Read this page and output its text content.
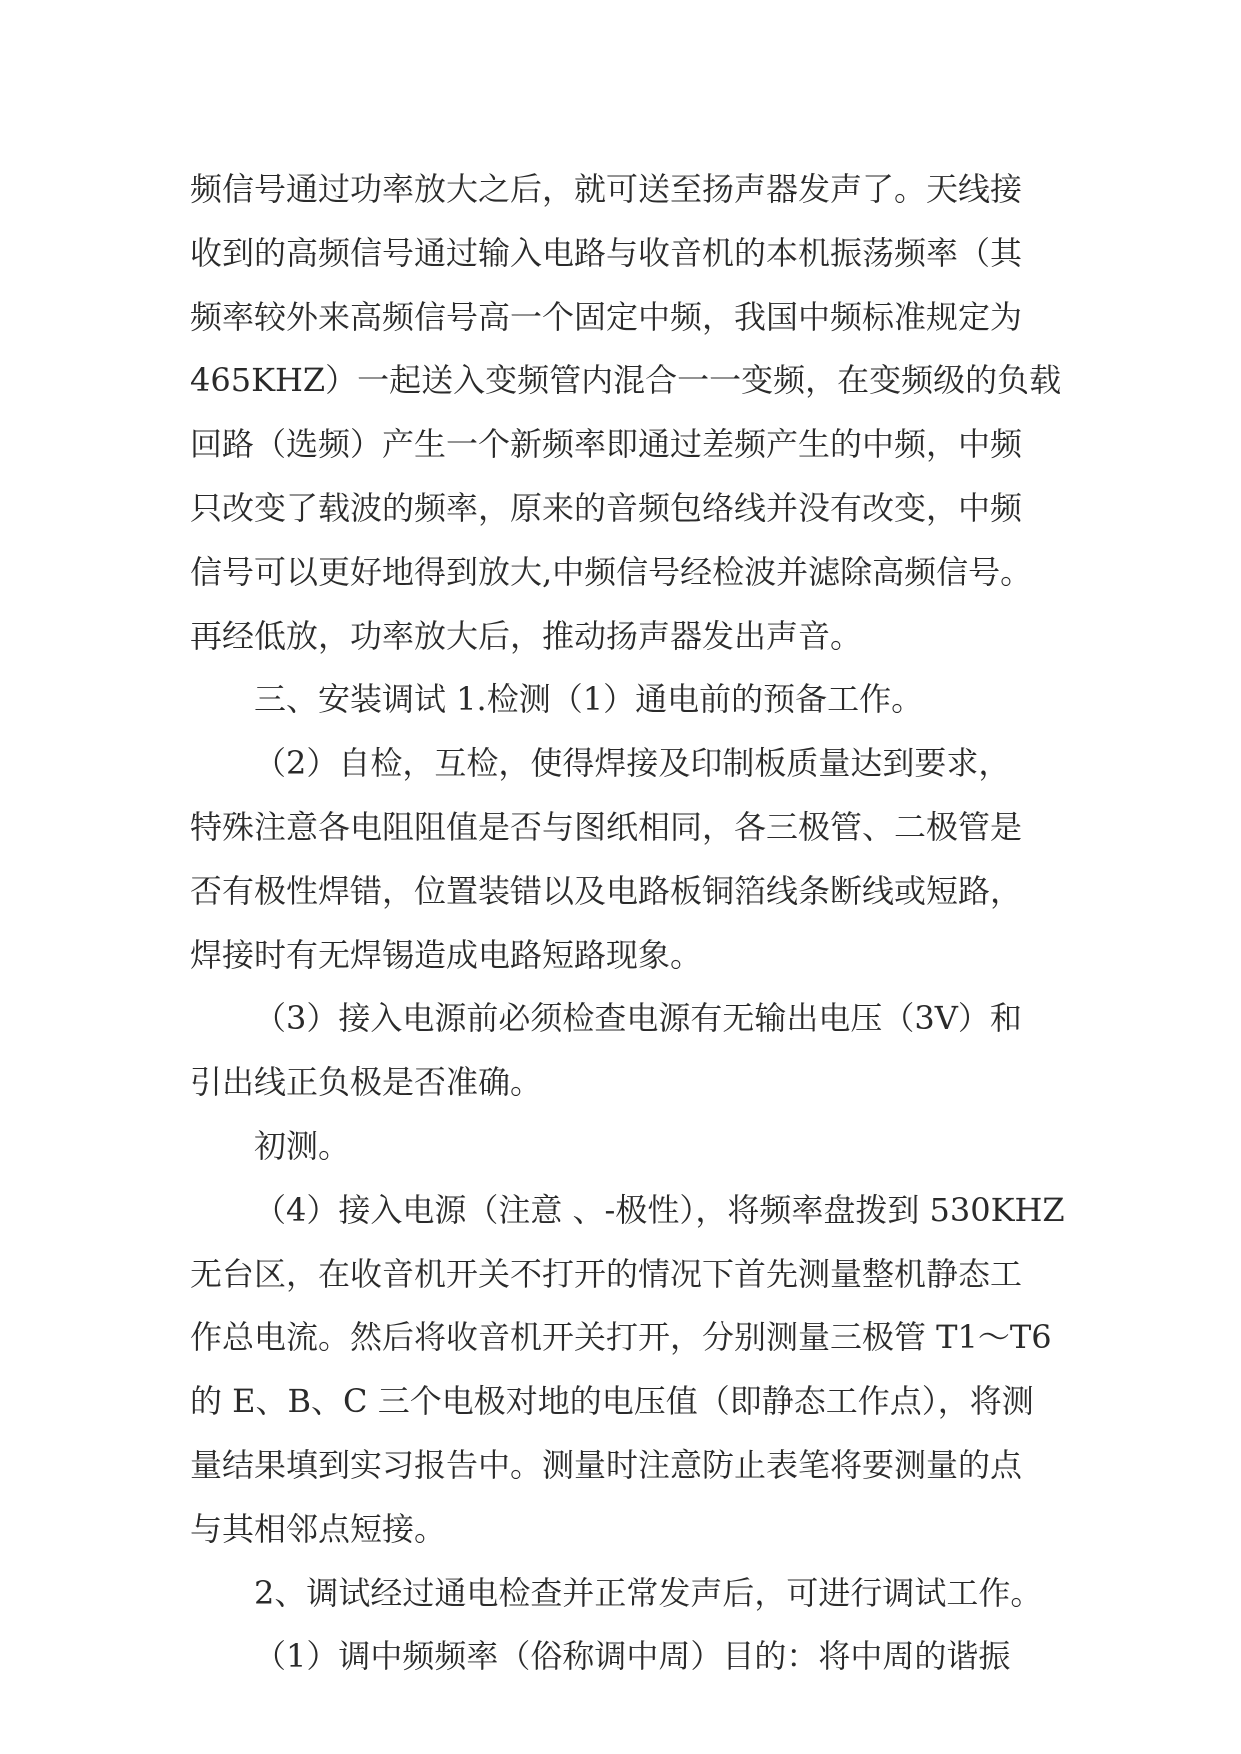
频信号通过功率放大之后，就可送至扬声器发声了。天线接
收到的高频信号通过输入电路与收音机的本机振荡频率（其
频率较外来高频信号高一个固定中频，我国中频标准规定为
465KHZ）一起送入变频管内混合一一变频，在变频级的负载
回路（选频）产生一个新频率即通过差频产生的中频，中频
只改变了载波的频率，原来的音频包络线并没有改变，中频
信号可以更好地得到放大,中频信号经检波并滤除高频信号。
再经低放，功率放大后，推动扬声器发出声音。
三、安装调试 1.检测（1）通电前的预备工作。
（2）自检，互检，使得焊接及印制板质量达到要求，
特殊注意各电阻阻值是否与图纸相同，各三极管、二极管是
否有极性焊错，位置装错以及电路板铜箔线条断线或短路，
焊接时有无焊锡造成电路短路现象。
（3）接入电源前必须检查电源有无输出电压（3V）和
引出线正负极是否准确。
初测。
（4）接入电源（注意 、-极性），将频率盘拨到 530KHZ
无台区，在收音机开关不打开的情况下首先测量整机静态工
作总电流。然后将收音机开关打开，分别测量三极管 T1～T6
的 E、B、C 三个电极对地的电压值（即静态工作点），将测
量结果填到实习报告中。测量时注意防止表笔将要测量的点
与其相邻点短接。
2、调试经过通电检查并正常发声后，可进行调试工作。
（1）调中频频率（俗称调中周）目的：将中周的谐振
